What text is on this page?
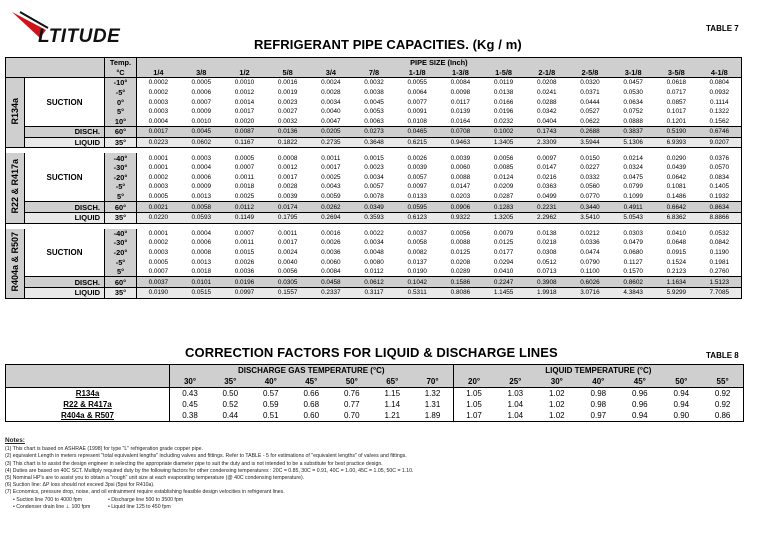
LTITUDE	TABLE 7
REFRIGERANT PIPE CAPACITIES. (Kg / m)
		Temp.	PIPE SIZE (Inch)													
		°C	1/4	3/8	1/2	5/8	3/4	7/8	1-1/8	1-3/8	1-5/8	2-1/8	2-5/8	3-1/8	3-5/8	4-1/8
R134a	SUCTION	-10°	0.0002	0.0005	0.0010	0.0016	0.0024	0.0032	0.0055	0.0084	0.0119	0.0208	0.0320	0.0457	0.0618	0.0804
		-5°	0.0002	0.0006	0.0012	0.0019	0.0028	0.0038	0.0064	0.0098	0.0138	0.0241	0.0371	0.0530	0.0717	0.0932
		0°	0.0003	0.0007	0.0014	0.0023	0.0034	0.0045	0.0077	0.0117	0.0166	0.0288	0.0444	0.0634	0.0857	0.1114
		5°	0.0003	0.0009	0.0017	0.0027	0.0040	0.0053	0.0091	0.0139	0.0196	0.0342	0.0527	0.0752	0.1017	0.1322
		10°	0.0004	0.0010	0.0020	0.0032	0.0047	0.0063	0.0108	0.0164	0.0232	0.0404	0.0622	0.0888	0.1201	0.1562
	DISCH.	60°	0.0017	0.0045	0.0087	0.0136	0.0205	0.0273	0.0465	0.0708	0.1002	0.1743	0.2688	0.3837	0.5190	0.6746
	LIQUID	35°	0.0223	0.0602	0.1167	0.1822	0.2735	0.3648	0.6215	0.9463	1.3405	2.3309	3.5944	5.1306	6.9393	9.0207

R22 & R417a	SUCTION	-40°	0.0001	0.0003	0.0005	0.0008	0.0011	0.0015	0.0026	0.0039	0.0056	0.0097	0.0150	0.0214	0.0290	0.0376
		-30°	0.0001	0.0004	0.0007	0.0012	0.0017	0.0023	0.0039	0.0060	0.0085	0.0147	0.0227	0.0324	0.0439	0.0570
		-20°	0.0002	0.0006	0.0011	0.0017	0.0025	0.0034	0.0057	0.0088	0.0124	0.0216	0.0332	0.0475	0.0642	0.0834
		-5°	0.0003	0.0009	0.0018	0.0028	0.0043	0.0057	0.0097	0.0147	0.0209	0.0363	0.0560	0.0799	0.1081	0.1405
		5°	0.0005	0.0013	0.0025	0.0039	0.0059	0.0078	0.0133	0.0203	0.0287	0.0499	0.0770	0.1099	0.1486	0.1932
	DISCH.	60°	0.0021	0.0058	0.0112	0.0174	0.0262	0.0349	0.0595	0.0906	0.1283	0.2231	0.3440	0.4911	0.6642	0.8634
	LIQUID	35°	0.0220	0.0593	0.1149	0.1795	0.2694	0.3593	0.6123	0.9322	1.3205	2.2962	3.5410	5.0543	6.8362	8.8866

R404a & R507	SUCTION	-40°	0.0001	0.0004	0.0007	0.0011	0.0016	0.0022	0.0037	0.0056	0.0079	0.0138	0.0212	0.0303	0.0410	0.0532
		-30°	0.0002	0.0006	0.0011	0.0017	0.0026	0.0034	0.0058	0.0088	0.0125	0.0218	0.0336	0.0479	0.0648	0.0842
		-20°	0.0003	0.0008	0.0015	0.0024	0.0036	0.0048	0.0082	0.0125	0.0177	0.0308	0.0474	0.0680	0.0915	0.1190
		-5°	0.0005	0.0013	0.0026	0.0040	0.0060	0.0080	0.0137	0.0208	0.0294	0.0512	0.0790	0.1127	0.1524	0.1981
		5°	0.0007	0.0018	0.0036	0.0056	0.0084	0.0112	0.0190	0.0289	0.0410	0.0713	0.1100	0.1570	0.2123	0.2760
	DISCH.	60°	0.0037	0.0101	0.0196	0.0305	0.0458	0.0612	0.1042	0.1586	0.2247	0.3908	0.6026	0.8602	1.1634	1.5123
	LIQUID	35°	0.0190	0.0515	0.0997	0.1557	0.2337	0.3117	0.5311	0.8086	1.1455	1.9918	3.0716	4.3843	5.9299	7.7085
CORRECTION FACTORS FOR LIQUID & DISCHARGE LINES	TABLE 8
	DISCHARGE GAS TEMPERATURE (°C)							LIQUID TEMPERATURE (°C)						
	30°	35°	40°	45°	50°	65°	70°	20°	25°	30°	40°	45°	50°	55°
R134a	0.43	0.50	0.57	0.66	0.76	1.15	1.32	1.05	1.03	1.02	0.98	0.96	0.94	0.92
R22 & R417a	0.45	0.52	0.59	0.68	0.77	1.14	1.31	1.05	1.04	1.02	0.98	0.96	0.94	0.92
R404a & R507	0.38	0.44	0.51	0.60	0.70	1.21	1.89	1.07	1.04	1.02	0.97	0.94	0.90	0.86
Notes:
(1) This chart is based on ASHRAE (1998) for type "L" refrigeration grade copper pipe.
(2) equivalent Length in meters represent "total equivalent lengths" including valves and fittings. Refer to TABLE - 5 for estimations of "equivalent lengths" of valves and fittings.
(3) This chart is to assist the design engineer in selecting the appropriate diameter pipe to suit the duty and is not intended to be a substitute for best practice design.
(4) Duties are based on 40C SCT. Multiply required duty by the following factors for other condensing temperatures : 20C = 0.85, 30C = 0.91, 40C = 1.00, 45C = 1.05, 50C = 1.10.
(5) Nominal HP's are to assist you to obtain a "rough" unit size at each evaporating temperature (@ 40C condensing temperature).
(6) Suction line: ΔP loss should not exceed 3psi (5psi for R410a).
(7) Economics, pressure drop, noise, and oil entrainment require establishing feasible design velocities in refrigerant lines.
• Suction line 700 to 4000 fpm	• Discharge line 500 to 3500 fpm
• Condenser drain line ⊥ 100 fpm	• Liquid line 125 to 450 fpm
